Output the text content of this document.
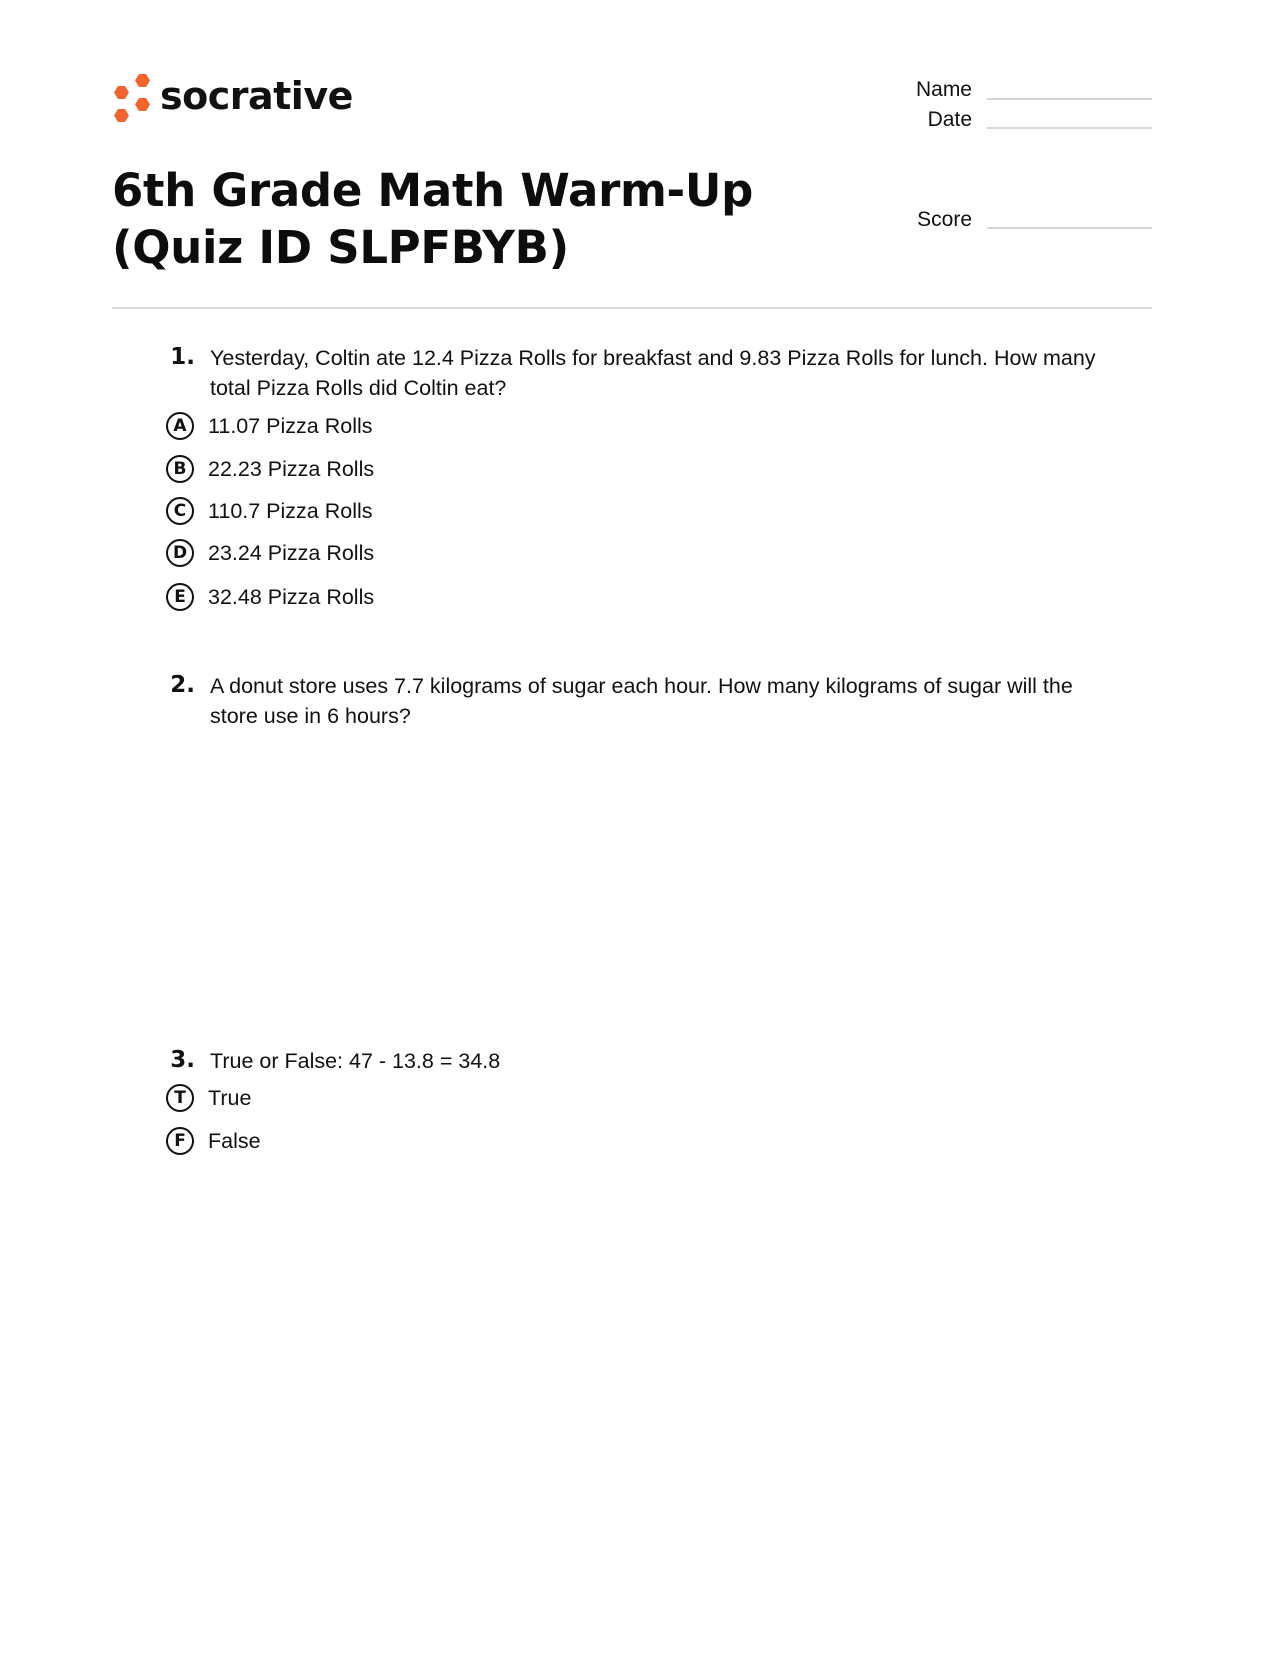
socrative	Name
Date
Score
6th Grade Math Warm-Up (Quiz ID SLPFBYB)
1. Yesterday, Coltin ate 12.4 Pizza Rolls for breakfast and 9.83 Pizza Rolls for lunch. How many total Pizza Rolls did Coltin eat?
A 11.07 Pizza Rolls
B	22.23 Pizza Rolls
C	110.7 Pizza Rolls
D 23.24 Pizza Rolls
E	32.48 Pizza Rolls
2. A donut store uses 7.7 kilograms of sugar each hour. How many kilograms of sugar will the store use in 6 hours?
3. True or False: 47 - 13.8 = 34.8
T	True
F	False
